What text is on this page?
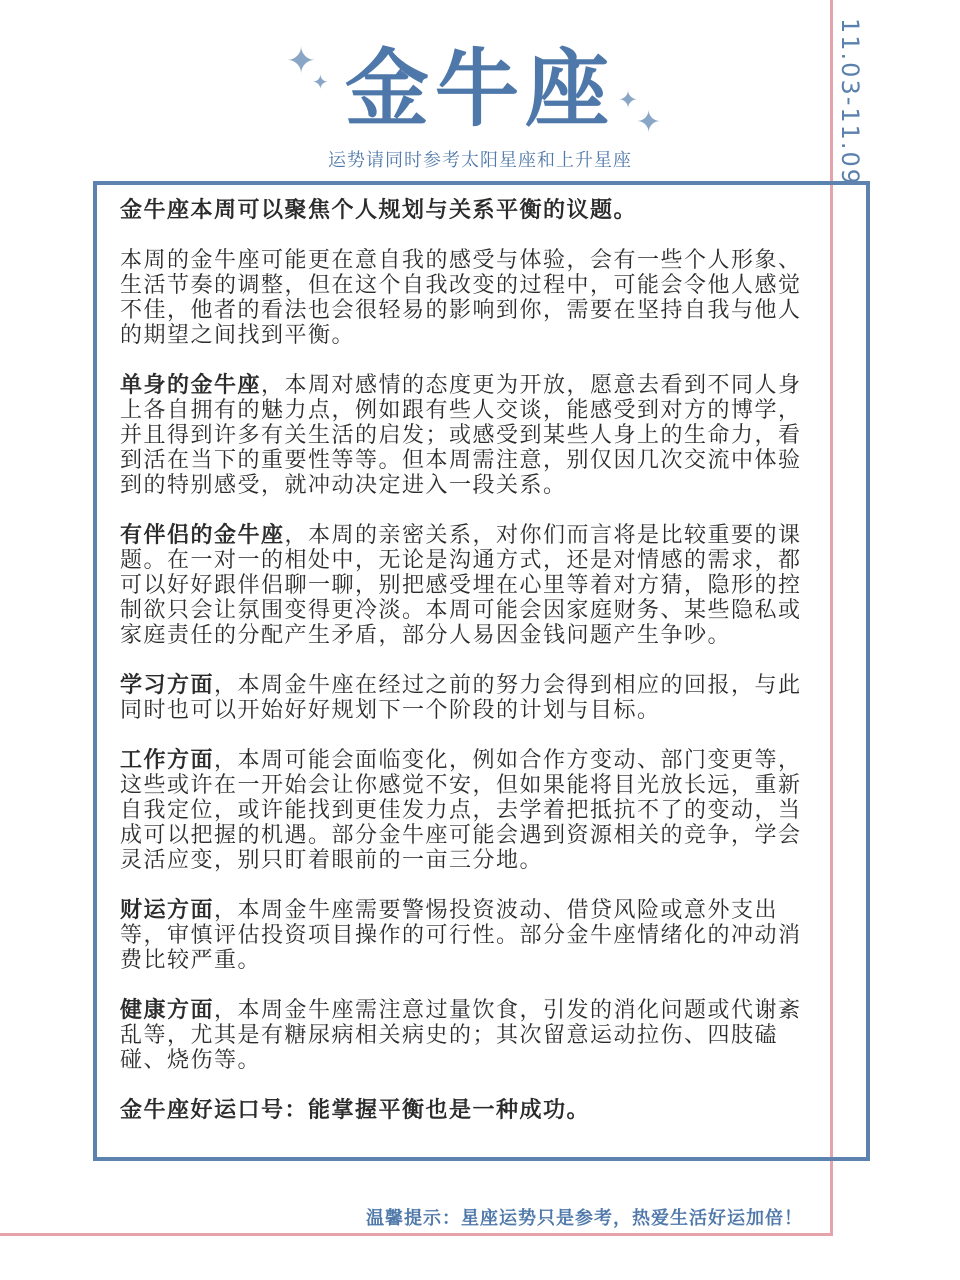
11.03-11.09
✦
✦ 金牛座 ✦
✦
运势请同时参考太阳星座和上升星座

金牛座本周可以聚焦个人规划与关系平衡的议题。

本周的金牛座可能更在意自我的感受与体验，会有一些个人形象、生活节奏的调整，但在这个自我改变的过程中，可能会令他人感觉不佳，他者的看法也会很轻易的影响到你，需要在坚持自我与他人的期望之间找到平衡。

单身的金牛座，本周对感情的态度更为开放，愿意去看到不同人身上各自拥有的魅力点，例如跟有些人交谈，能感受到对方的博学，并且得到许多有关生活的启发；或感受到某些人身上的生命力，看到活在当下的重要性等等。但本周需注意，别仅因几次交流中体验到的特别感受，就冲动决定进入一段关系。

有伴侣的金牛座，本周的亲密关系，对你们而言将是比较重要的课题。在一对一的相处中，无论是沟通方式，还是对情感的需求，都可以好好跟伴侣聊一聊，别把感受埋在心里等着对方猜，隐形的控制欲只会让氛围变得更冷淡。本周可能会因家庭财务、某些隐私或家庭责任的分配产生矛盾，部分人易因金钱问题产生争吵。

学习方面，本周金牛座在经过之前的努力会得到相应的回报，与此同时也可以开始好好规划下一个阶段的计划与目标。

工作方面，本周可能会面临变化，例如合作方变动、部门变更等，这些或许在一开始会让你感觉不安，但如果能将目光放长远，重新自我定位，或许能找到更佳发力点，去学着把抵抗不了的变动，当成可以把握的机遇。部分金牛座可能会遇到资源相关的竞争，学会灵活应变，别只盯着眼前的一亩三分地。

财运方面，本周金牛座需要警惕投资波动、借贷风险或意外支出等，审慎评估投资项目操作的可行性。部分金牛座情绪化的冲动消费比较严重。

健康方面，本周金牛座需注意过量饮食，引发的消化问题或代谢紊乱等，尤其是有糖尿病相关病史的；其次留意运动拉伤、四肢磕碰、烧伤等。

金牛座好运口号：能掌握平衡也是一种成功。

温馨提示：星座运势只是参考，热爱生活好运加倍！
